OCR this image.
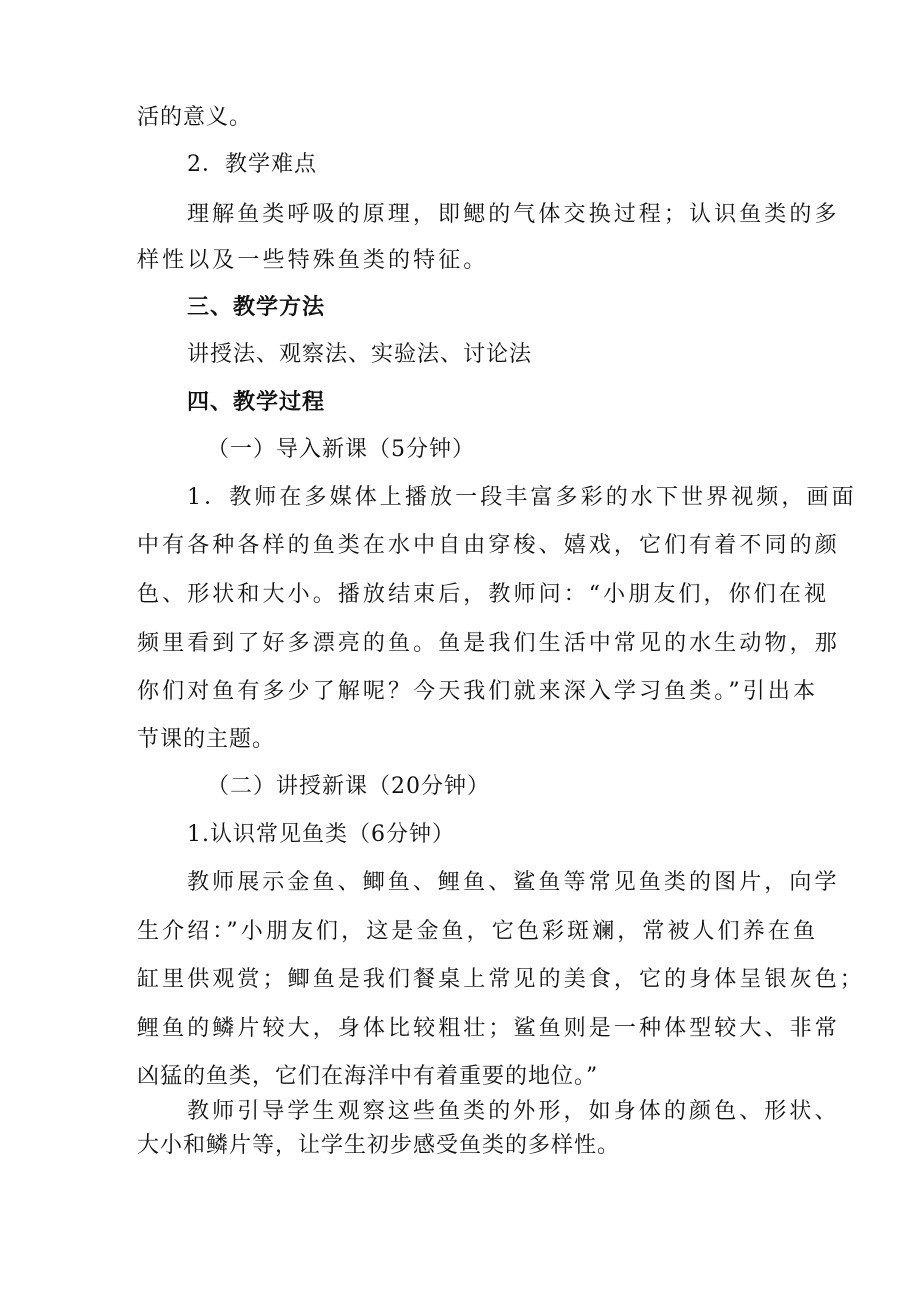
活的意义。
2．教学难点
理解鱼类呼吸的原理，即鳃的气体交换过程；认识鱼类的多
样性以及一些特殊鱼类的特征。
三、教学方法
讲授法、观察法、实验法、讨论法
四、教学过程
（一）导入新课（5分钟）
1．教师在多媒体上播放一段丰富多彩的水下世界视频，画面
中有各种各样的鱼类在水中自由穿梭、嬉戏，它们有着不同的颜
色、形状和大小。播放结束后，教师问：“小朋友们，你们在视
频里看到了好多漂亮的鱼。鱼是我们生活中常见的水生动物，那
你们对鱼有多少了解呢？今天我们就来深入学习鱼类。”引出本
节课的主题。
（二）讲授新课（20分钟）
1.认识常见鱼类（6分钟）
教师展示金鱼、鲫鱼、鲤鱼、鲨鱼等常见鱼类的图片，向学
生介绍：”小朋友们，这是金鱼，它色彩斑斓，常被人们养在鱼
缸里供观赏；鲫鱼是我们餐桌上常见的美食，它的身体呈银灰色；
鲤鱼的鳞片较大，身体比较粗壮；鲨鱼则是一种体型较大、非常
凶猛的鱼类，它们在海洋中有着重要的地位。”
教师引导学生观察这些鱼类的外形，如身体的颜色、形状、
大小和鳞片等，让学生初步感受鱼类的多样性。
